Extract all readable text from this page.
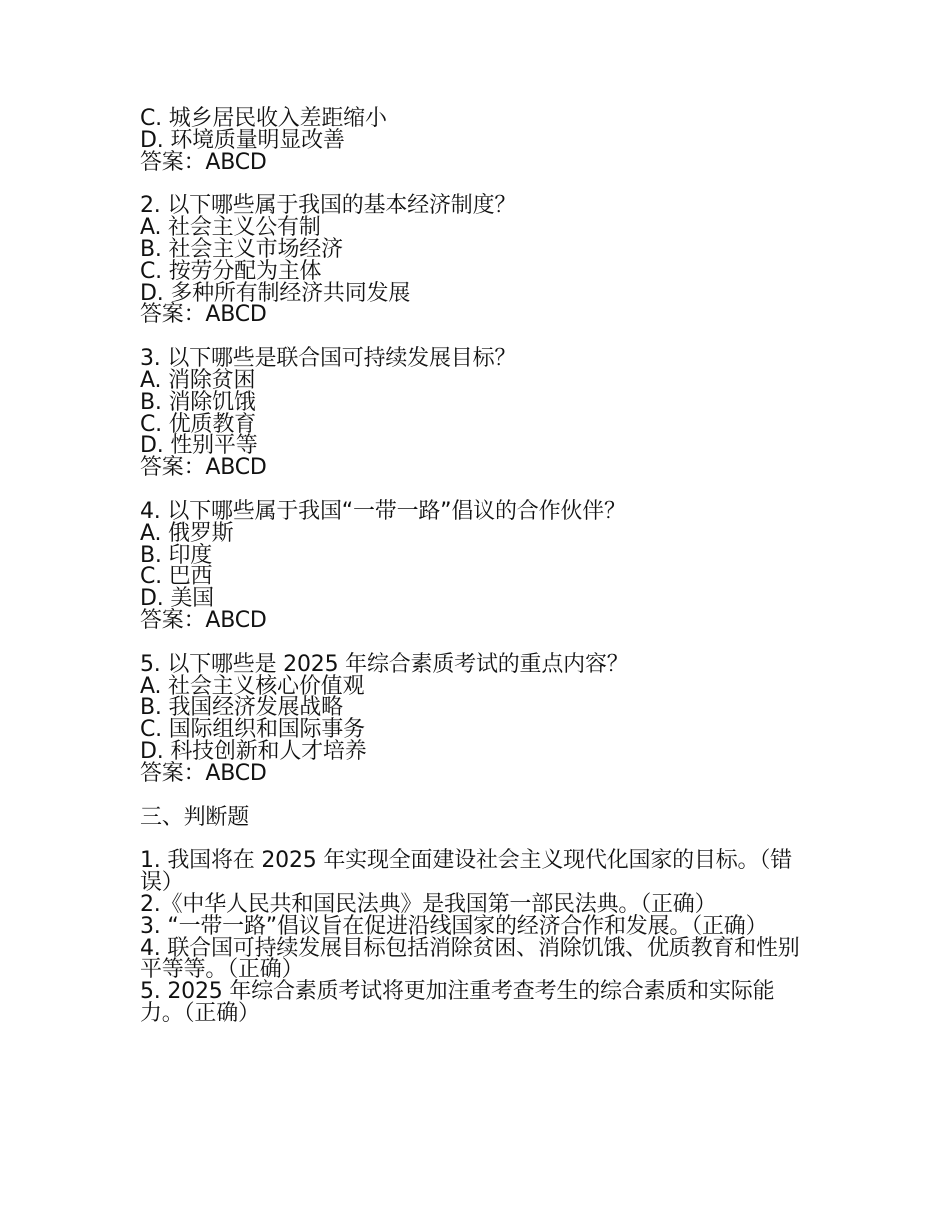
C. 城乡居民收入差距缩小
D. 环境质量明显改善
答案：ABCD
2. 以下哪些属于我国的基本经济制度？
A. 社会主义公有制
B. 社会主义市场经济
C. 按劳分配为主体
D. 多种所有制经济共同发展
答案：ABCD
3. 以下哪些是联合国可持续发展目标？
A. 消除贫困
B. 消除饥饿
C. 优质教育
D. 性别平等
答案：ABCD
4. 以下哪些属于我国“一带一路”倡议的合作伙伴？
A. 俄罗斯
B. 印度
C. 巴西
D. 美国
答案：ABCD
5. 以下哪些是 2025 年综合素质考试的重点内容？
A. 社会主义核心价值观
B. 我国经济发展战略
C. 国际组织和国际事务
D. 科技创新和人才培养
答案：ABCD
三、判断题
1. 我国将在 2025 年实现全面建设社会主义现代化国家的目标。（错误）
2.《中华人民共和国民法典》是我国第一部民法典。（正确）
3. “一带一路”倡议旨在促进沿线国家的经济合作和发展。（正确）
4. 联合国可持续发展目标包括消除贫困、消除饥饿、优质教育和性别平等等。（正确）
5. 2025 年综合素质考试将更加注重考查考生的综合素质和实际能力。（正确）
